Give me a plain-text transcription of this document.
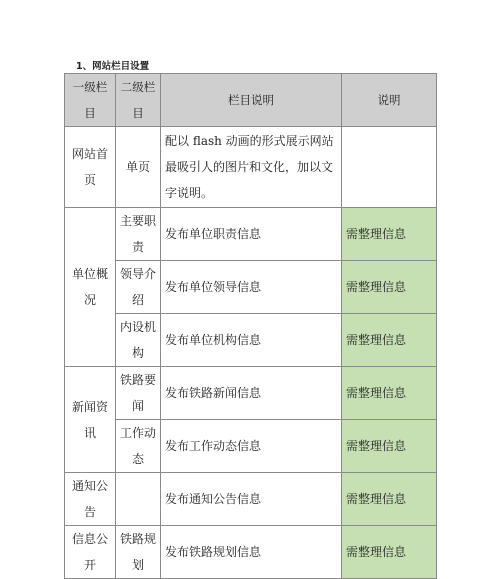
1、网站栏目设置
一级栏目	二级栏目	栏目说明	说明
网站首页	单页	配以 flash 动画的形式展示网站最吸引人的图片和文化，加以文字说明。	
单位概况	主要职责	发布单位职责信息	需整理信息
	领导介绍	发布单位领导信息	需整理信息
	内设机构	发布单位机构信息	需整理信息
新闻资讯	铁路要闻	发布铁路新闻信息	需整理信息
	工作动态	发布工作动态信息	需整理信息
通知公告		发布通知公告信息	需整理信息
信息公开	铁路规划	发布铁路规划信息	需整理信息
